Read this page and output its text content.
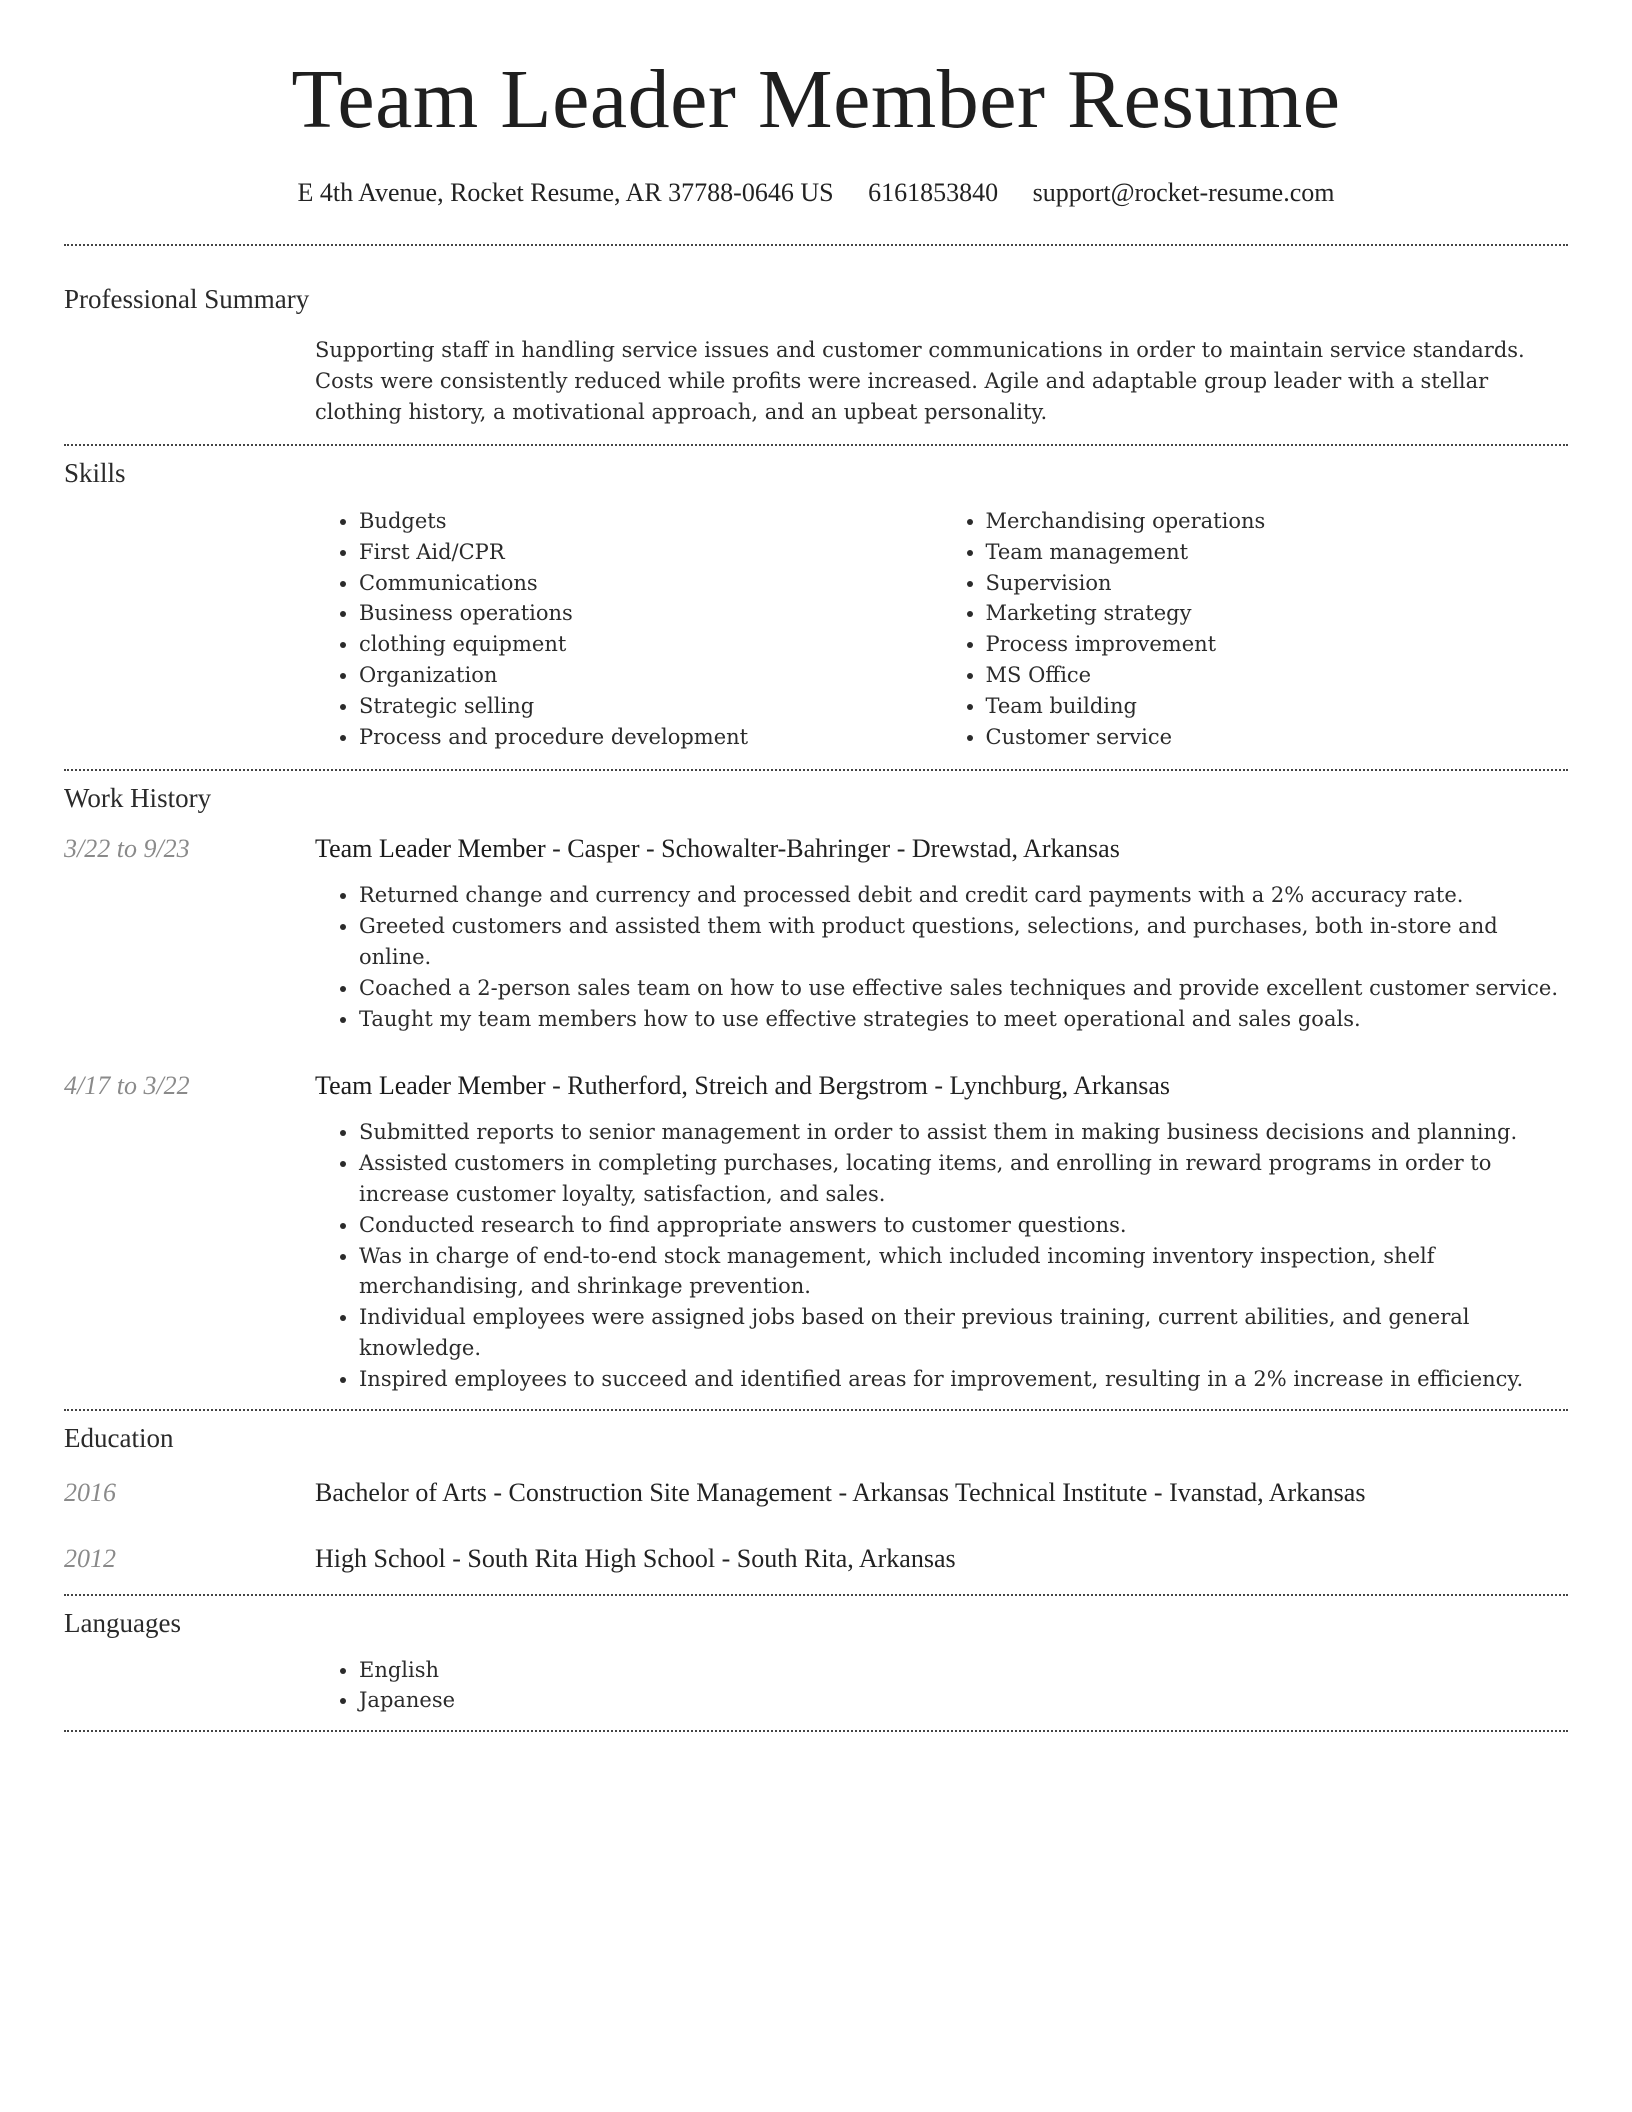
Team Leader Member Resume
E 4th Avenue, Rocket Resume, AR 37788-0646 US 6161853840 support@rocket-resume.com
Professional Summary
Supporting staff in handling service issues and customer communications in order to maintain service standards. Costs were consistently reduced while profits were increased. Agile and adaptable group leader with a stellar clothing history, a motivational approach, and an upbeat personality.
Skills
• Budgets
• First Aid/CPR
• Communications
• Business operations
• clothing equipment
• Organization
• Strategic selling
• Process and procedure development
• Merchandising operations
• Team management
• Supervision
• Marketing strategy
• Process improvement
• MS Office
• Team building
• Customer service
Work History
3/22 to 9/23	Team Leader Member - Casper - Schowalter-Bahringer - Drewstad, Arkansas
• Returned change and currency and processed debit and credit card payments with a 2% accuracy rate.
• Greeted customers and assisted them with product questions, selections, and purchases, both in-store and online.
• Coached a 2-person sales team on how to use effective sales techniques and provide excellent customer service.
• Taught my team members how to use effective strategies to meet operational and sales goals.
4/17 to 3/22	Team Leader Member - Rutherford, Streich and Bergstrom - Lynchburg, Arkansas
• Submitted reports to senior management in order to assist them in making business decisions and planning.
• Assisted customers in completing purchases, locating items, and enrolling in reward programs in order to increase customer loyalty, satisfaction, and sales.
• Conducted research to find appropriate answers to customer questions.
• Was in charge of end-to-end stock management, which included incoming inventory inspection, shelf merchandising, and shrinkage prevention.
• Individual employees were assigned jobs based on their previous training, current abilities, and general knowledge.
• Inspired employees to succeed and identified areas for improvement, resulting in a 2% increase in efficiency.
Education
2016	Bachelor of Arts - Construction Site Management - Arkansas Technical Institute - Ivanstad, Arkansas
2012	High School - South Rita High School - South Rita, Arkansas
Languages
• English
• Japanese
